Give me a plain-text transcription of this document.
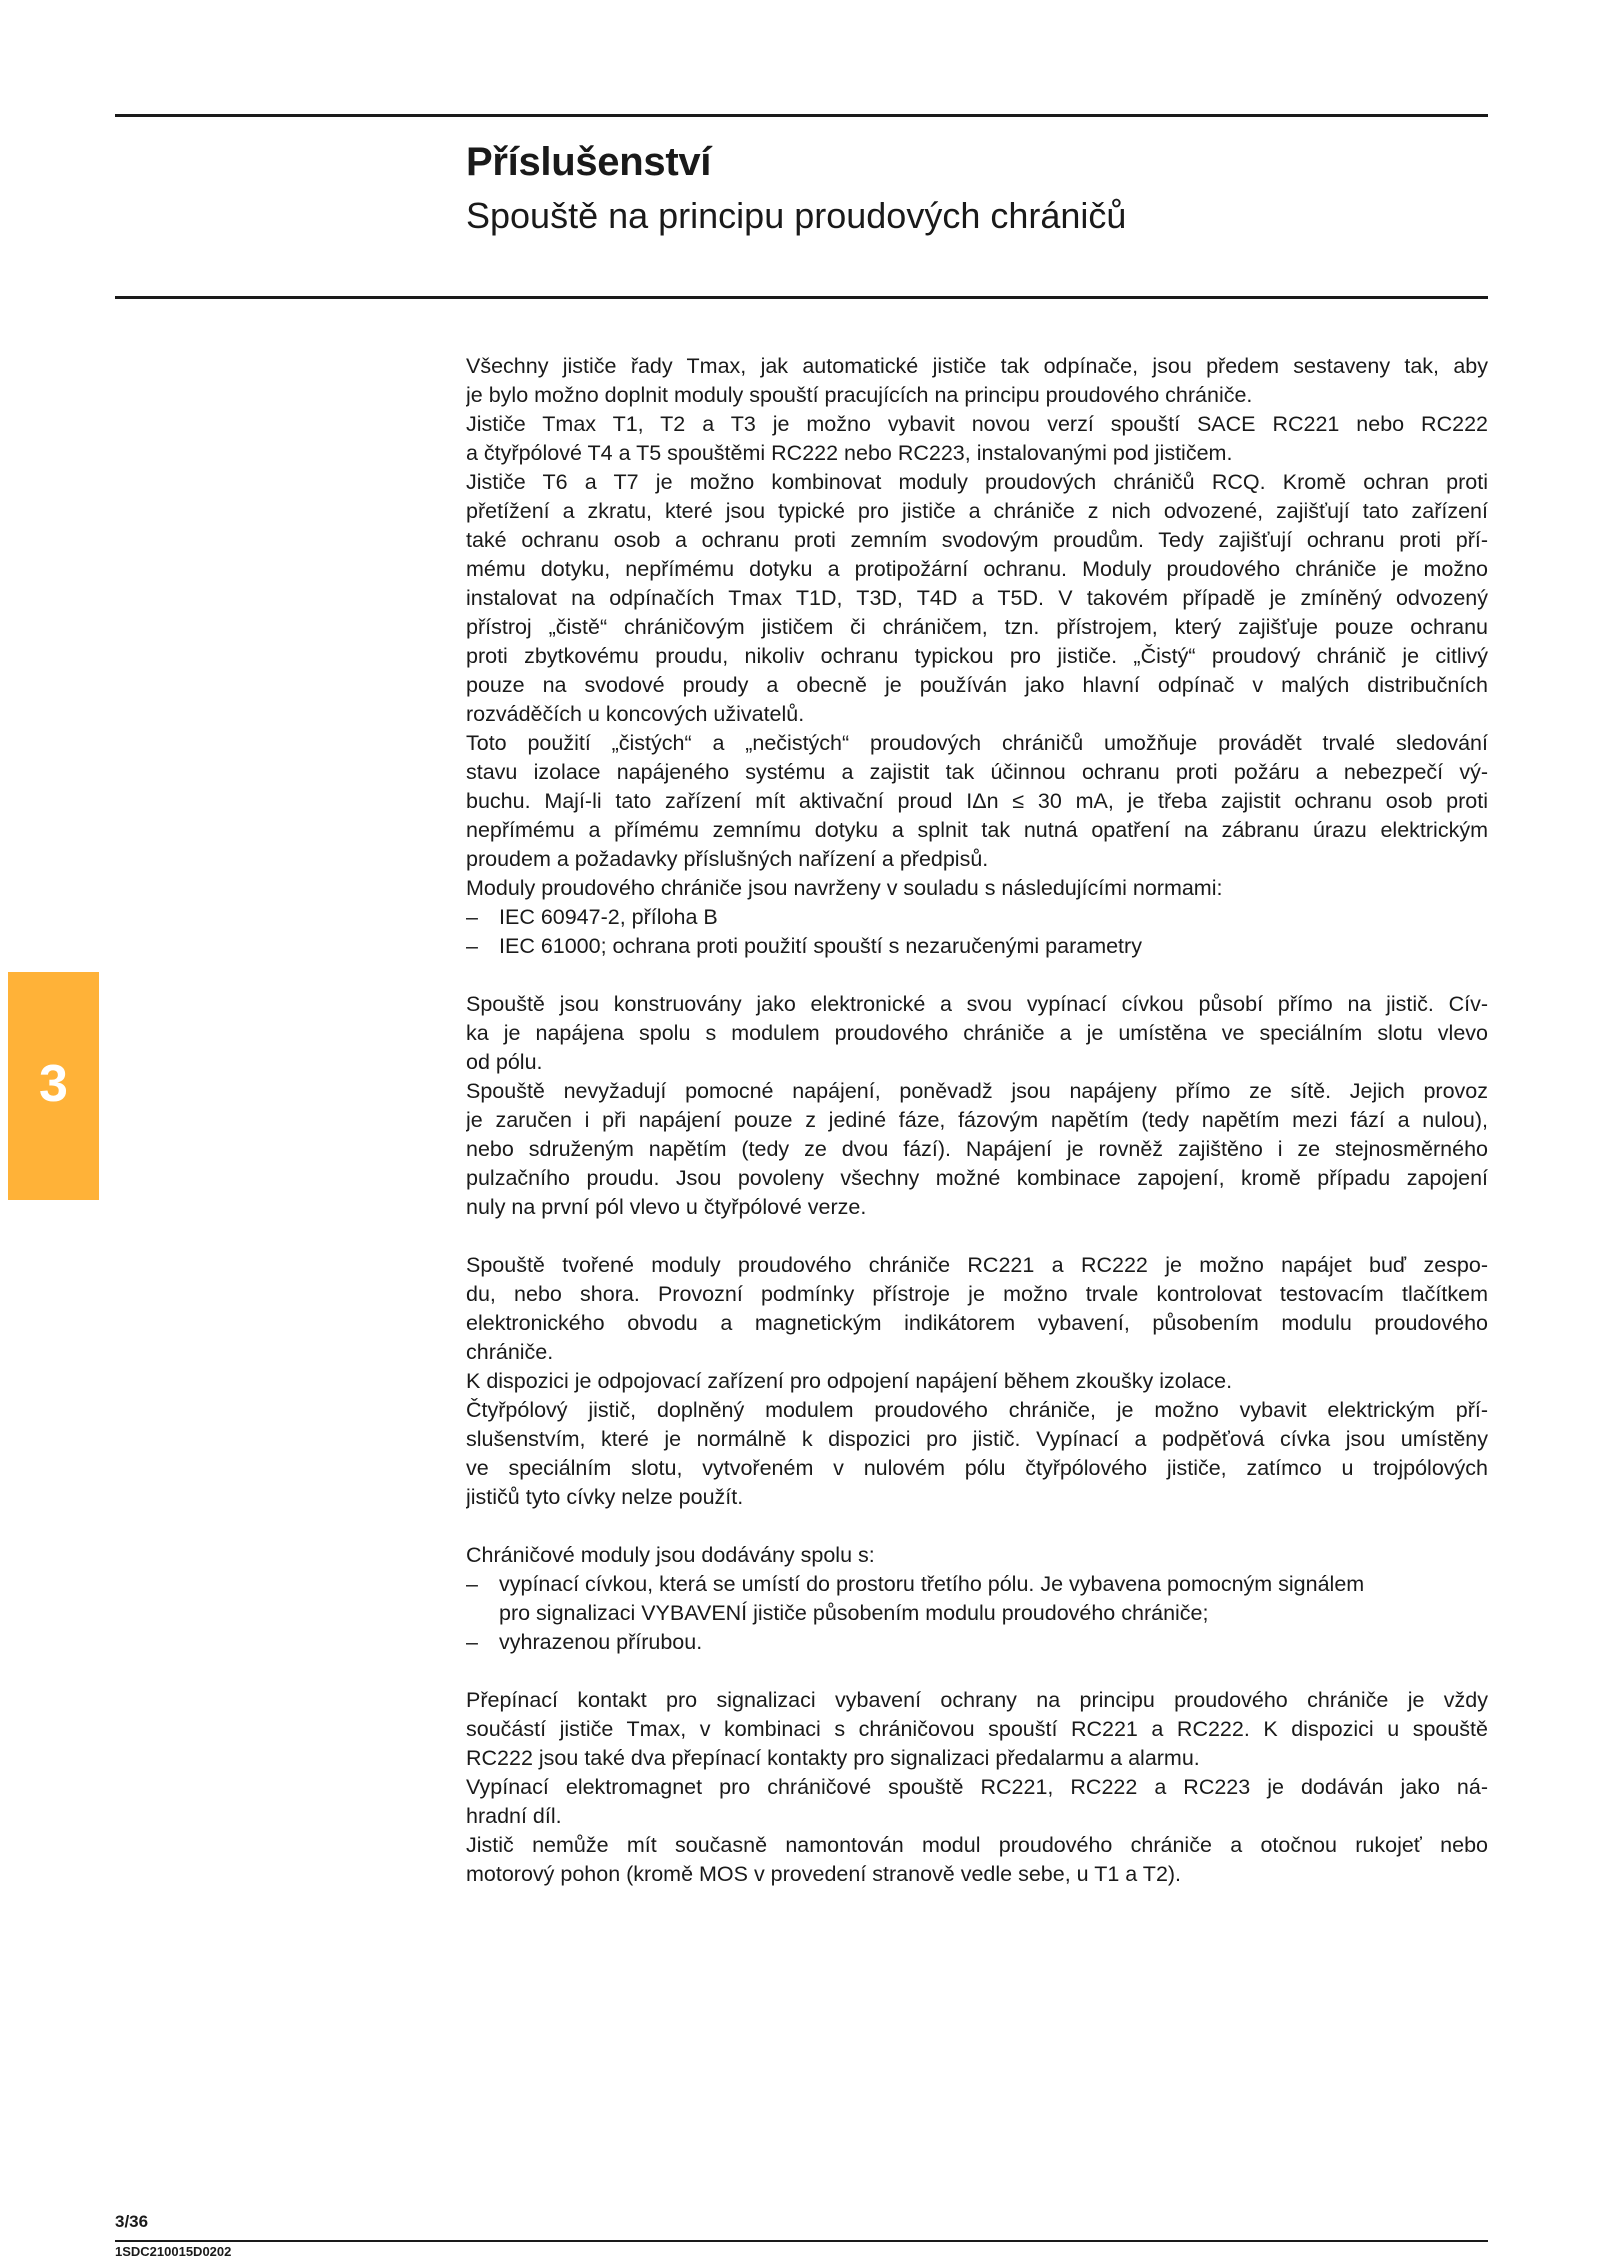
Příslušenství
Spouště na principu proudových chráničů
3
Všechny jističe řady Tmax, jak automatické jističe tak odpínače, jsou předem sestaveny tak, aby
je bylo možno doplnit moduly spouští pracujících na principu proudového chrániče.
Jističe Tmax T1, T2 a T3 je možno vybavit novou verzí spouští SACE RC221 nebo RC222
a čtyřpólové T4 a T5 spouštěmi RC222 nebo RC223, instalovanými pod jističem.
Jističe T6 a T7 je možno kombinovat moduly proudových chráničů RCQ. Kromě ochran proti
přetížení a zkratu, které jsou typické pro jističe a chrániče z nich odvozené, zajišťují tato zařízení
také ochranu osob a ochranu proti zemním svodovým proudům. Tedy zajišťují ochranu proti pří-
mému dotyku, nepřímému dotyku a protipožární ochranu. Moduly proudového chrániče je možno
instalovat na odpínačích Tmax T1D, T3D, T4D a T5D. V takovém případě je zmíněný odvozený
přístroj „čistě“ chráničovým jističem či chráničem, tzn. přístrojem, který zajišťuje pouze ochranu
proti zbytkovému proudu, nikoliv ochranu typickou pro jističe. „Čistý“ proudový chránič je citlivý
pouze na svodové proudy a obecně je používán jako hlavní odpínač v malých distribučních
rozváděčích u koncových uživatelů.
Toto použití „čistých“ a „nečistých“ proudových chráničů umožňuje provádět trvalé sledování
stavu izolace napájeného systému a zajistit tak účinnou ochranu proti požáru a nebezpečí vý-
buchu. Mají-li tato zařízení mít aktivační proud IΔn ≤ 30 mA, je třeba zajistit ochranu osob proti
nepřímému a přímému zemnímu dotyku a splnit tak nutná opatření na zábranu úrazu elektrickým
proudem a požadavky příslušných nařízení a předpisů.
Moduly proudového chrániče jsou navrženy v souladu s následujícími normami:
– IEC 60947-2, příloha B
– IEC 61000; ochrana proti použití spouští s nezaručenými parametry
Spouště jsou konstruovány jako elektronické a svou vypínací cívkou působí přímo na jistič. Cív-
ka je napájena spolu s modulem proudového chrániče a je umístěna ve speciálním slotu vlevo
od pólu.
Spouště nevyžadují pomocné napájení, poněvadž jsou napájeny přímo ze sítě. Jejich provoz
je zaručen i při napájení pouze z jediné fáze, fázovým napětím (tedy napětím mezi fází a nulou),
nebo sdruženým napětím (tedy ze dvou fází). Napájení je rovněž zajištěno i ze stejnosměrného
pulzačního proudu. Jsou povoleny všechny možné kombinace zapojení, kromě případu zapojení
nuly na první pól vlevo u čtyřpólové verze.
Spouště tvořené moduly proudového chrániče RC221 a RC222 je možno napájet buď zespo-
du, nebo shora. Provozní podmínky přístroje je možno trvale kontrolovat testovacím tlačítkem
elektronického obvodu a magnetickým indikátorem vybavení, působením modulu proudového
chrániče.
K dispozici je odpojovací zařízení pro odpojení napájení během zkoušky izolace.
Čtyřpólový jistič, doplněný modulem proudového chrániče, je možno vybavit elektrickým pří-
slušenstvím, které je normálně k dispozici pro jistič. Vypínací a podpěťová cívka jsou umístěny
ve speciálním slotu, vytvořeném v nulovém pólu čtyřpólového jističe, zatímco u trojpólových
jističů tyto cívky nelze použít.
Chráničové moduly jsou dodávány spolu s:
– vypínací cívkou, která se umístí do prostoru třetího pólu. Je vybavena pomocným signálem
pro signalizaci VYBAVENÍ jističe působením modulu proudového chrániče;
– vyhrazenou přírubou.
Přepínací kontakt pro signalizaci vybavení ochrany na principu proudového chrániče je vždy
součástí jističe Tmax, v kombinaci s chráničovou spouští RC221 a RC222. K dispozici u spouště
RC222 jsou také dva přepínací kontakty pro signalizaci předalarmu a alarmu.
Vypínací elektromagnet pro chráničové spouště RC221, RC222 a RC223 je dodáván jako ná-
hradní díl.
Jistič nemůže mít současně namontován modul proudového chrániče a otočnou rukojeť nebo
motorový pohon (kromě MOS v provedení stranově vedle sebe, u T1 a T2).
3/36
1SDC210015D0202
